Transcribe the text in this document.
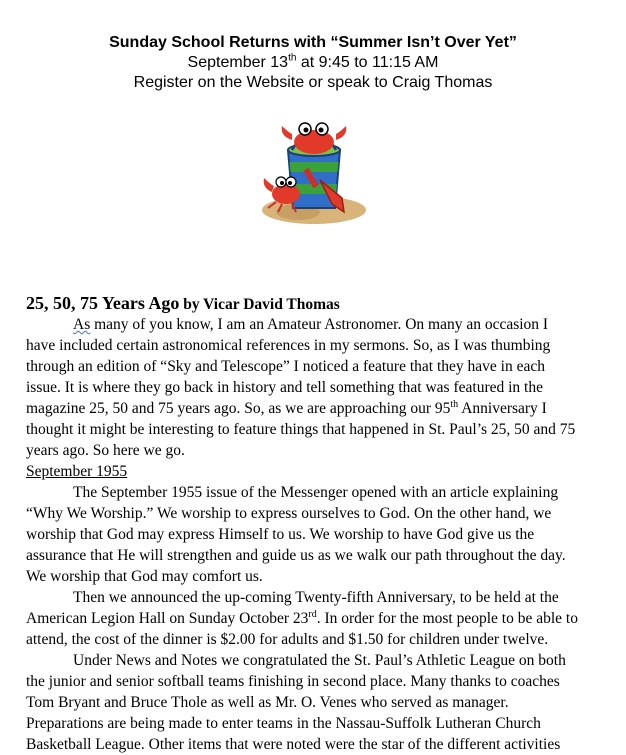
Sunday School Returns with “Summer Isn’t Over Yet”
September 13th at 9:45 to 11:15 AM
Register on the Website or speak to Craig Thomas
25, 50, 75 Years Ago by Vicar David Thomas
As many of you know, I am an Amateur Astronomer. On many an occasion I
have included certain astronomical references in my sermons. So, as I was thumbing
through an edition of “Sky and Telescope” I noticed a feature that they have in each
issue. It is where they go back in history and tell something that was featured in the
magazine 25, 50 and 75 years ago. So, as we are approaching our 95th Anniversary I
thought it might be interesting to feature things that happened in St. Paul’s 25, 50 and 75
years ago. So here we go.
September 1955
The September 1955 issue of the Messenger opened with an article explaining
“Why We Worship.” We worship to express ourselves to God. On the other hand, we
worship that God may express Himself to us. We worship to have God give us the
assurance that He will strengthen and guide us as we walk our path throughout the day.
We worship that God may comfort us.
Then we announced the up-coming Twenty-fifth Anniversary, to be held at the
American Legion Hall on Sunday October 23rd. In order for the most people to be able to
attend, the cost of the dinner is $2.00 for adults and $1.50 for children under twelve.
Under News and Notes we congratulated the St. Paul’s Athletic League on both
the junior and senior softball teams finishing in second place. Many thanks to coaches
Tom Bryant and Bruce Thole as well as Mr. O. Venes who served as manager.
Preparations are being made to enter teams in the Nassau-Suffolk Lutheran Church
Basketball League. Other items that were noted were the star of the different activities
